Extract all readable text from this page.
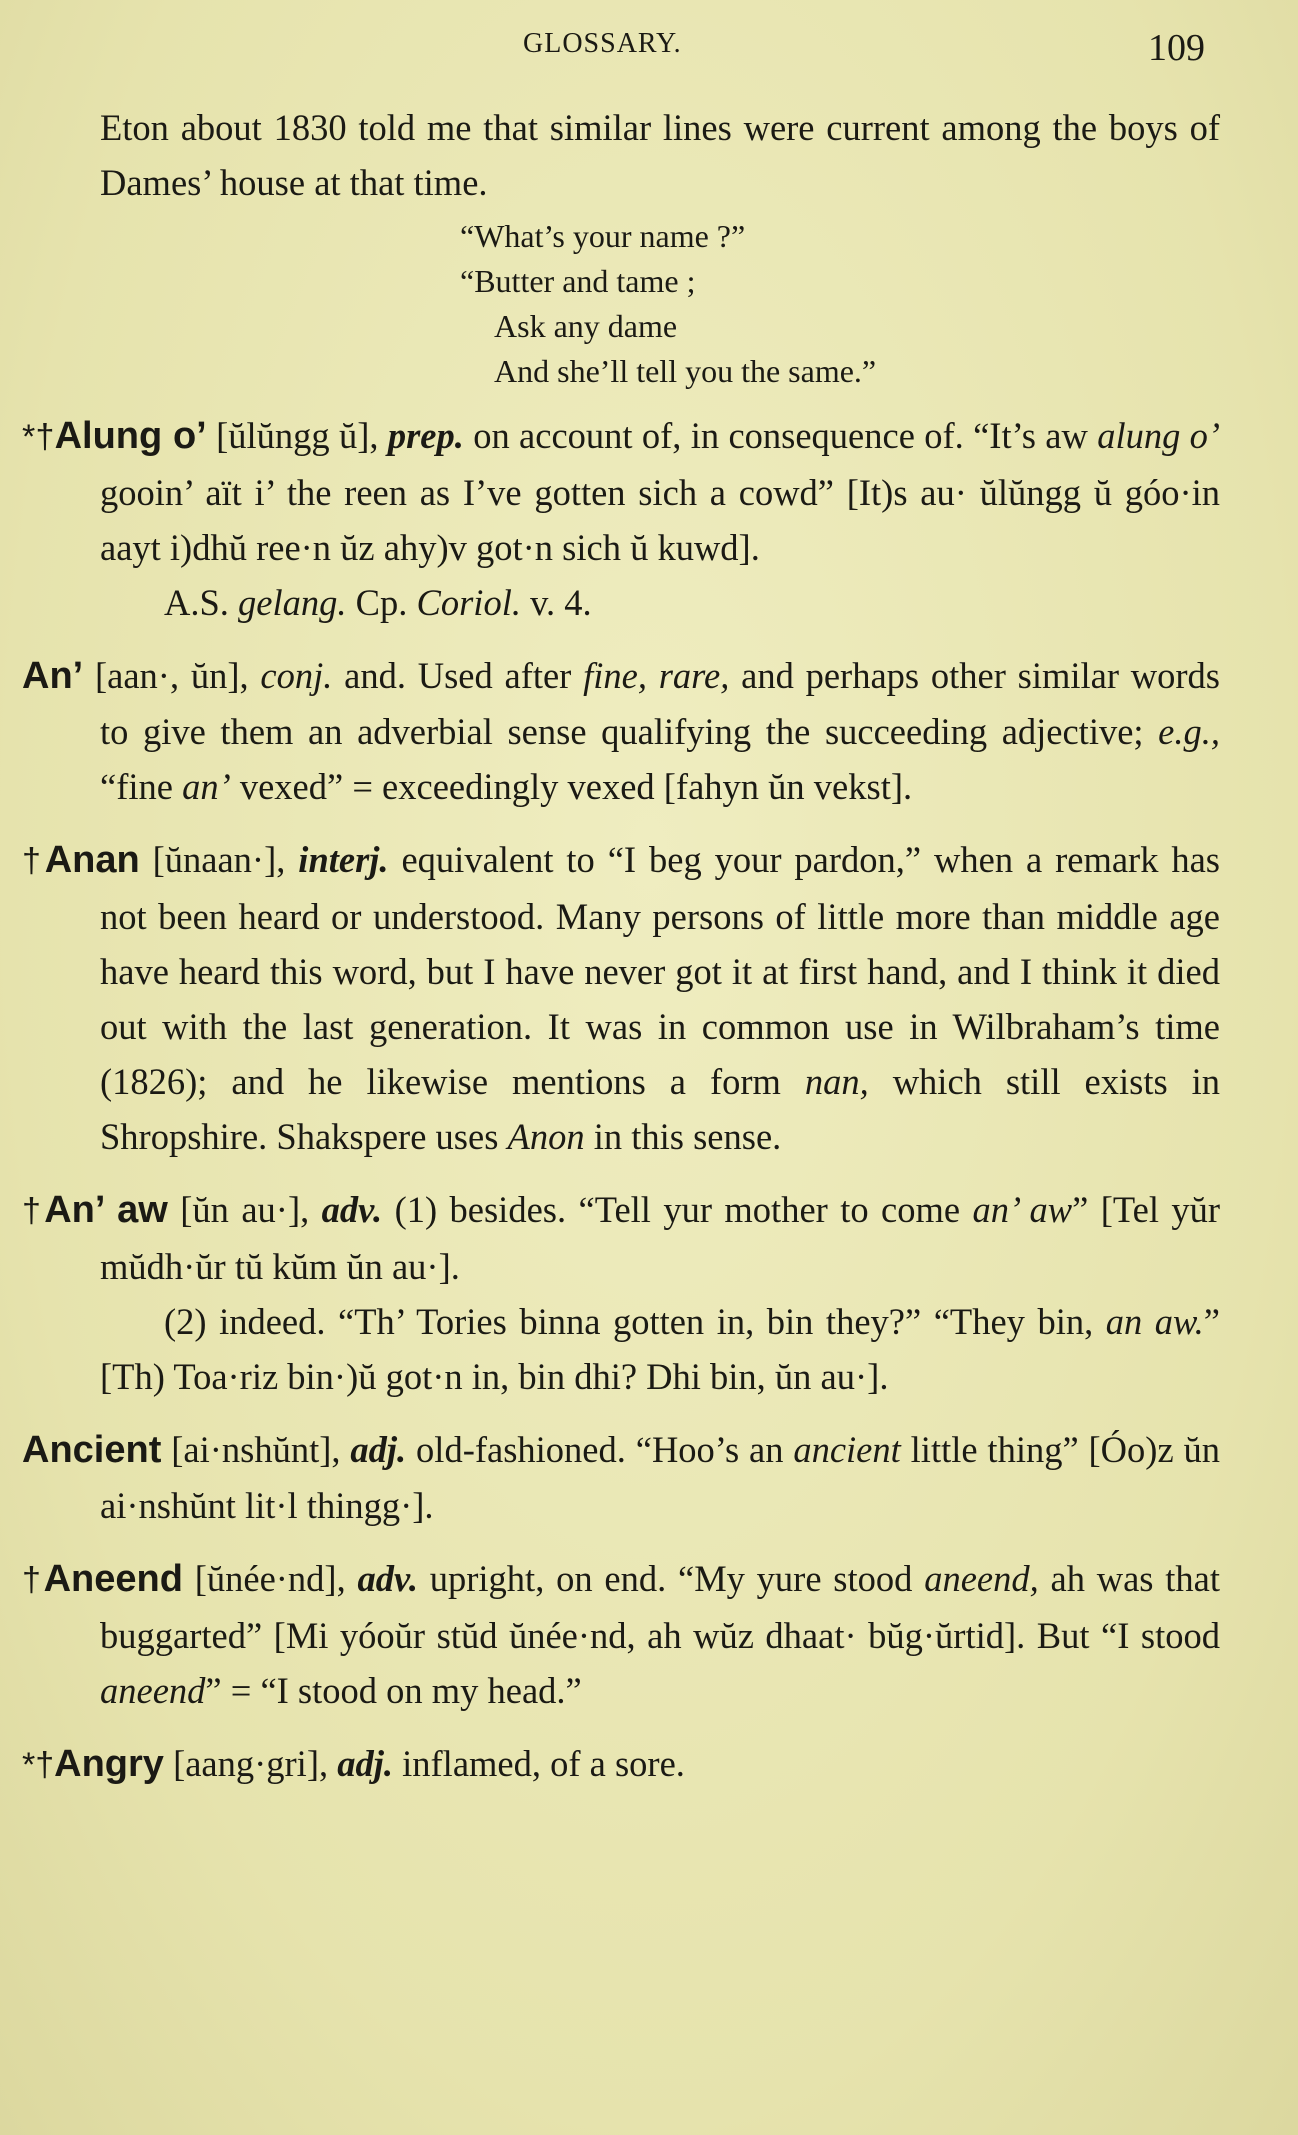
GLOSSARY.	109

Eton about 1830 told me that similar lines were current among the boys of Dames’ house at that time.

“What’s your name ?”
“Butter and tame ;
Ask any dame
And she’ll tell you the same.”

*†Alung o’ [ŭlŭngg ŭ], prep. on account of, in consequence of. “It’s aw alung o’ gooin’ aït i’ the reen as I’ve gotten sich a cowd” [It)s au· ŭlŭngg ŭ góo·in aayt i)dhŭ ree·n ŭz ahy)v got·n sich ŭ kuwd].

A.S. gelang. Cp. Coriol. v. 4.

An’ [aan·, ŭn], conj. and. Used after fine, rare, and perhaps other similar words to give them an adverbial sense qualifying the succeeding adjective; e.g., “fine an’ vexed” = exceedingly vexed [fahyn ŭn vekst].

†Anan [ŭnaan·], interj. equivalent to “I beg your pardon,” when a remark has not been heard or understood. Many persons of little more than middle age have heard this word, but I have never got it at first hand, and I think it died out with the last generation. It was in common use in Wilbraham’s time (1826); and he likewise mentions a form nan, which still exists in Shropshire. Shakspere uses Anon in this sense.

†An’ aw [ŭn au·], adv. (1) besides. “Tell yur mother to come an’ aw” [Tel yŭr mŭdh·ŭr tŭ kŭm ŭn au·].

(2) indeed. “Th’ Tories binna gotten in, bin they?” “They bin, an aw.” [Th) Toa·riz bin·)ŭ got·n in, bin dhi? Dhi bin, ŭn au·].

Ancient [ai·nshŭnt], adj. old-fashioned. “Hoo’s an ancient little thing” [Óo)z ŭn ai·nshŭnt lit·l thingg·].

†Aneend [ŭnée·nd], adv. upright, on end. “My yure stood aneend, ah was that buggarted” [Mi yóoŭr stŭd ŭnée·nd, ah wŭz dhaat· bŭg·ŭrtid]. But “I stood aneend” = “I stood on my head.”

*†Angry [aang·gri], adj. inflamed, of a sore.
